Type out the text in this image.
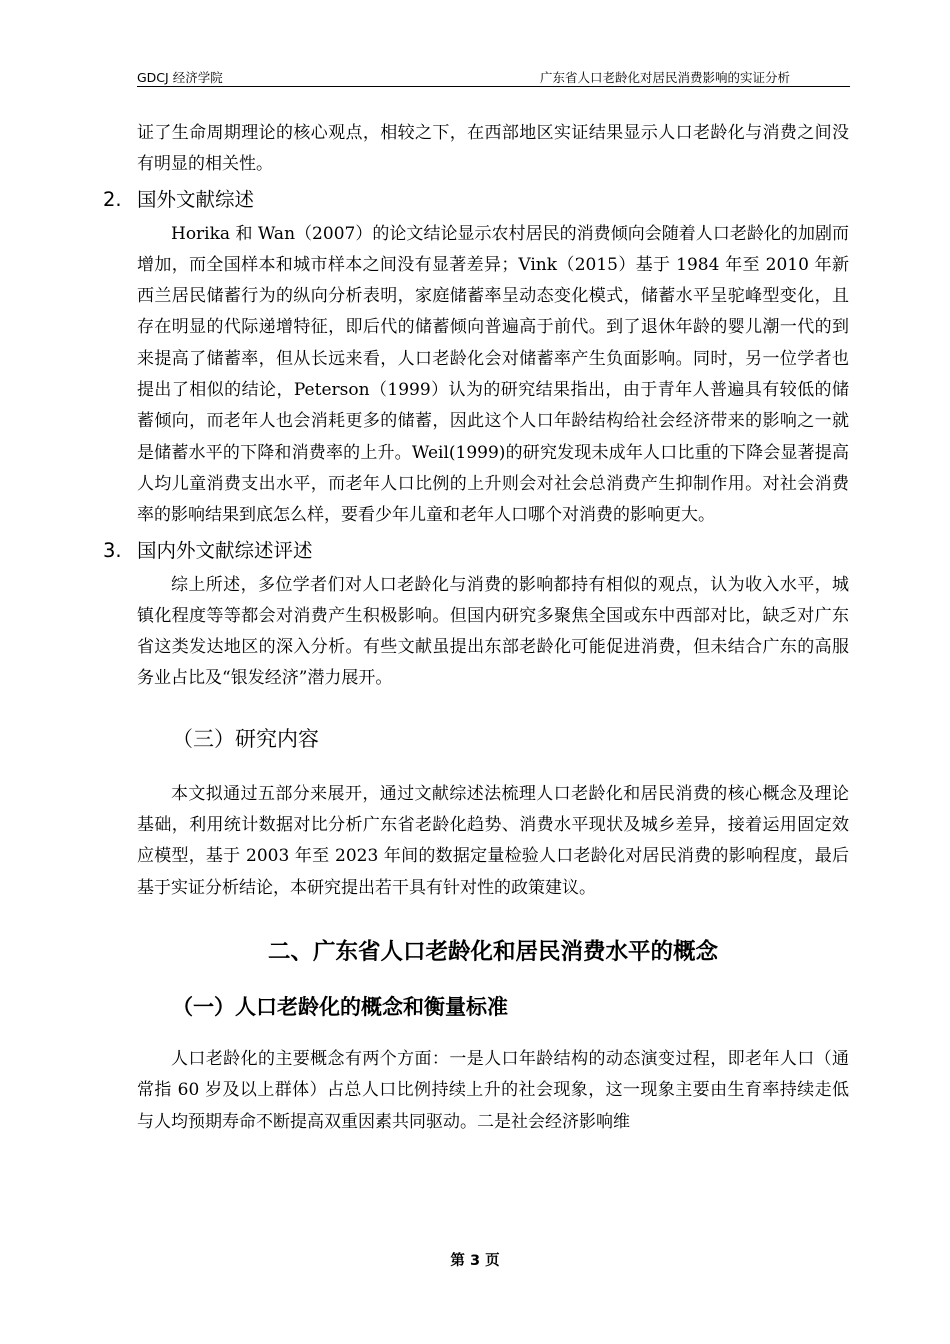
GDCJ 经济学院	广东省人口老龄化对居民消费影响的实证分析

证了生命周期理论的核心观点，相较之下，在西部地区实证结果显示人口老龄化与消费之间没有明显的相关性。

2. 国外文献综述

Horika 和 Wan（2007）的论文结论显示农村居民的消费倾向会随着人口老龄化的加剧而增加，而全国样本和城市样本之间没有显著差异；Vink（2015）基于 1984 年至 2010 年新西兰居民储蓄行为的纵向分析表明，家庭储蓄率呈动态变化模式，储蓄水平呈驼峰型变化，且存在明显的代际递增特征，即后代的储蓄倾向普遍高于前代。到了退休年龄的婴儿潮一代的到来提高了储蓄率，但从长远来看，人口老龄化会对储蓄率产生负面影响。同时，另一位学者也提出了相似的结论，Peterson（1999）认为的研究结果指出，由于青年人普遍具有较低的储蓄倾向，而老年人也会消耗更多的储蓄，因此这个人口年龄结构给社会经济带来的影响之一就是储蓄水平的下降和消费率的上升。Weil(1999)的研究发现未成年人口比重的下降会显著提高人均儿童消费支出水平，而老年人口比例的上升则会对社会总消费产生抑制作用。对社会消费率的影响结果到底怎么样，要看少年儿童和老年人口哪个对消费的影响更大。

3. 国内外文献综述评述

综上所述，多位学者们对人口老龄化与消费的影响都持有相似的观点，认为收入水平，城镇化程度等等都会对消费产生积极影响。但国内研究多聚焦全国或东中西部对比，缺乏对广东省这类发达地区的深入分析。有些文献虽提出东部老龄化可能促进消费，但未结合广东的高服务业占比及“银发经济”潜力展开。

（三）研究内容

本文拟通过五部分来展开，通过文献综述法梳理人口老龄化和居民消费的核心概念及理论基础，利用统计数据对比分析广东省老龄化趋势、消费水平现状及城乡差异，接着运用固定效应模型，基于 2003 年至 2023 年间的数据定量检验人口老龄化对居民消费的影响程度，最后基于实证分析结论，本研究提出若干具有针对性的政策建议。

二、广东省人口老龄化和居民消费水平的概念
（一）人口老龄化的概念和衡量标准

人口老龄化的主要概念有两个方面：一是人口年龄结构的动态演变过程，即老年人口（通常指 60 岁及以上群体）占总人口比例持续上升的社会现象，这一现象主要由生育率持续走低与人均预期寿命不断提高双重因素共同驱动。二是社会经济影响维

第 3 页
